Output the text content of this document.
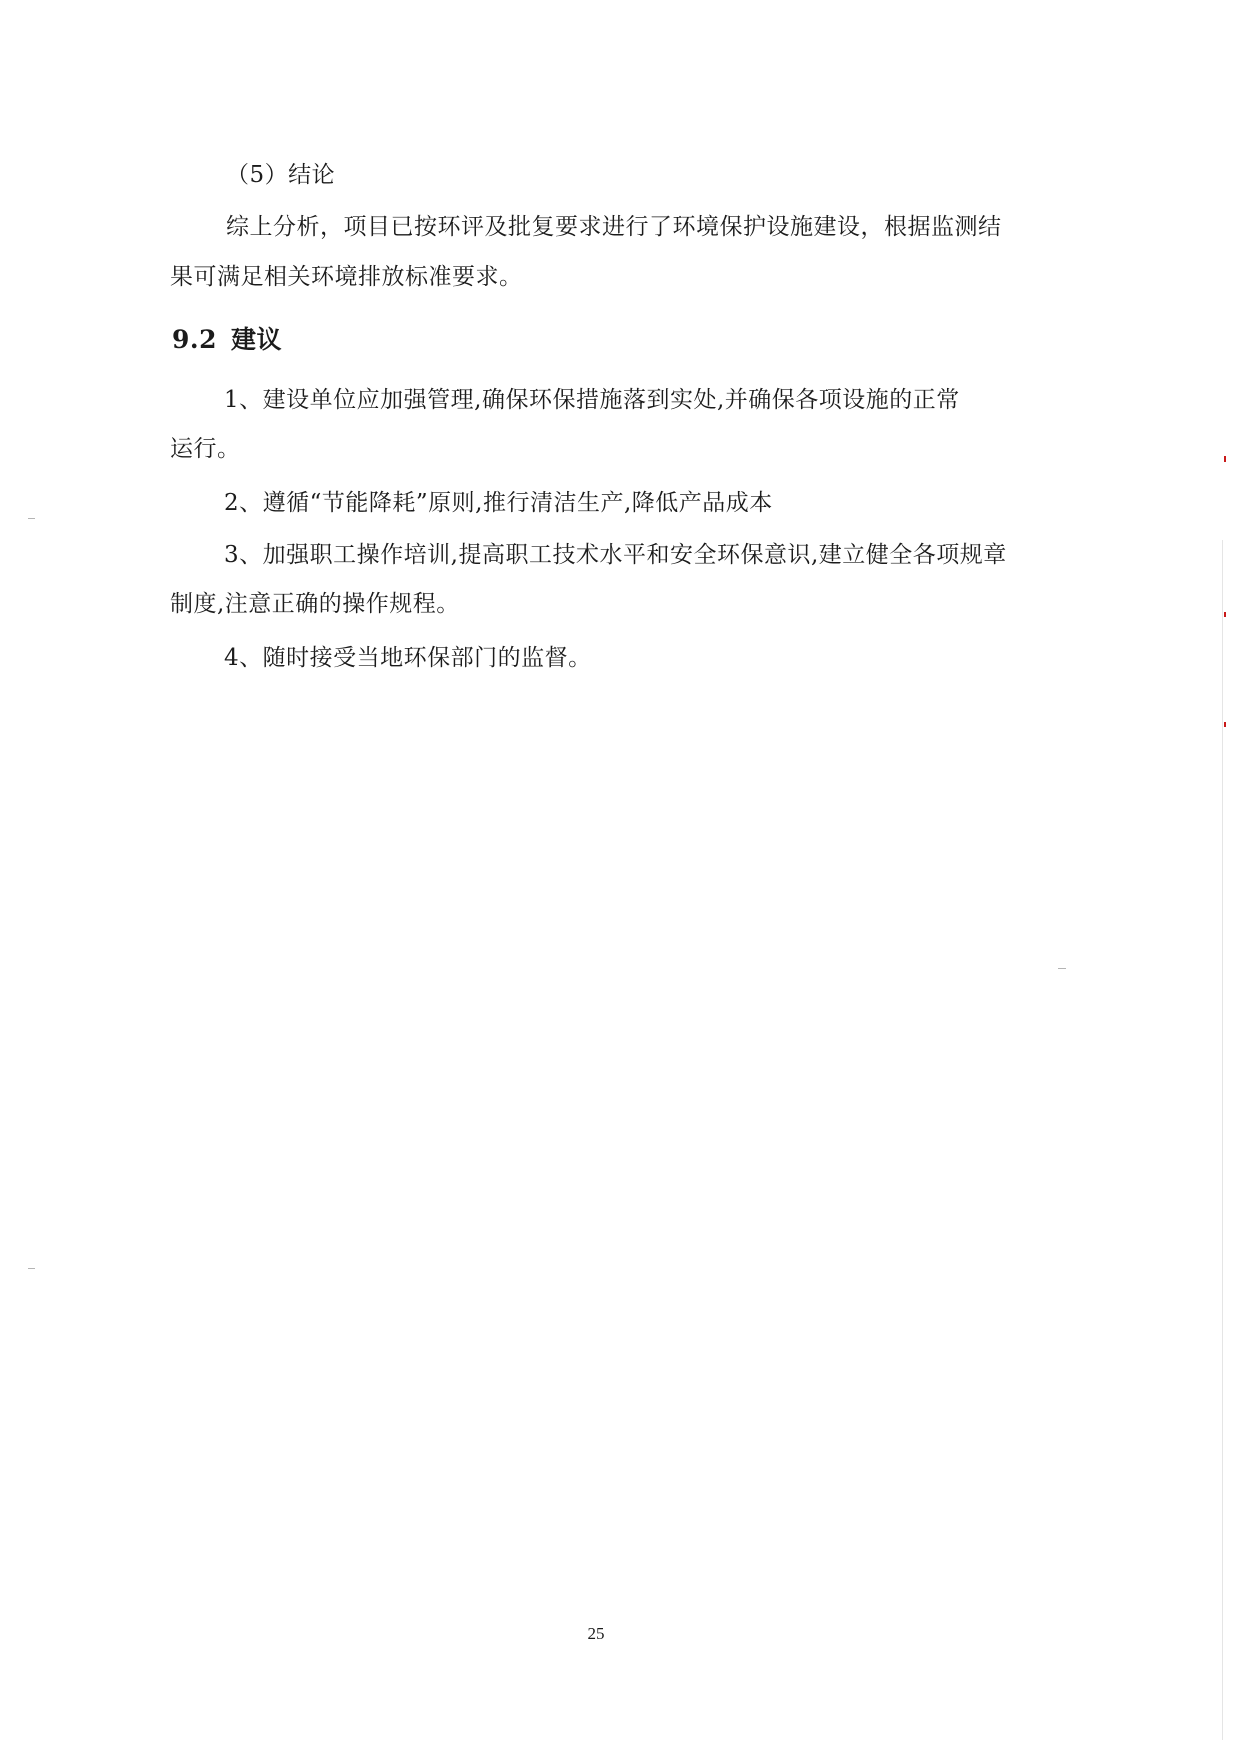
（5）结论
综上分析，项目已按环评及批复要求进行了环境保护设施建设，根据监测结
果可满足相关环境排放标准要求。
9.2 建议
1、建设单位应加强管理,确保环保措施落到实处,并确保各项设施的正常
运行。
2、遵循“节能降耗”原则,推行清洁生产,降低产品成本
3、加强职工操作培训,提高职工技术水平和安全环保意识,建立健全各项规章
制度,注意正确的操作规程。
4、随时接受当地环保部门的监督。
25
